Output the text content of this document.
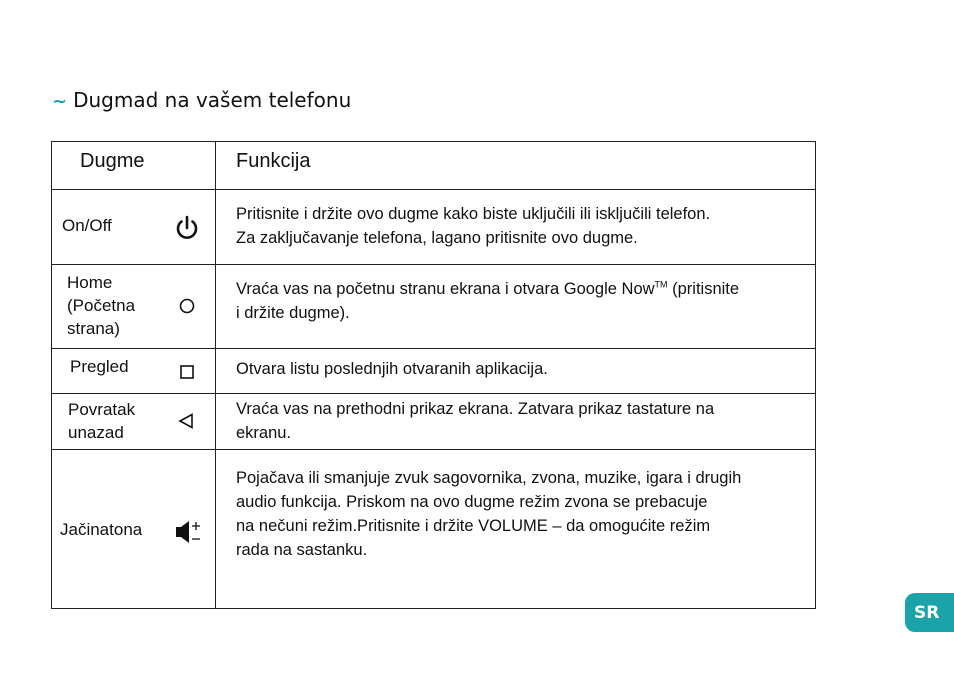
~ Dugmad na vašem telefonu
Dugme	Funkcija
On/Off
Pritisnite i držite ovo dugme kako biste uključili ili isključili telefon.
Za zaključavanje telefona, lagano pritisnite ovo dugme.
Home
(Početna
strana)
Vraća vas na početnu stranu ekrana i otvara Google Now™ (pritisnite
i držite dugme).
Pregled	Otvara listu poslednjih otvaranih aplikacija.
Povratak
unazad
Vraća vas na prethodni prikaz ekrana. Zatvara prikaz tastature na
ekranu.
Jačinatona
Pojačava ili smanjuje zvuk sagovornika, zvona, muzike, igara i drugih
audio funkcija. Priskom na ovo dugme režim zvona se prebacuje
na nečuni režim.Pritisnite i držite VOLUME – da omogućite režim
rada na sastanku.
SR
